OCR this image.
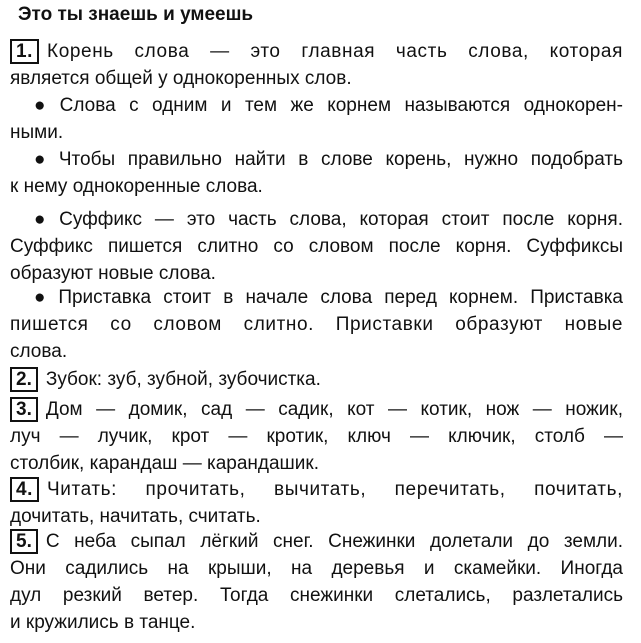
Это ты знаешь и умеешь
1. Корень слова — это главная часть слова, которая
является общей у однокоренных слов.
● Слова с одним и тем же корнем называются однокорен-
ными.
● Чтобы правильно найти в слове корень, нужно подобрать
к нему однокоренные слова.
● Суффикс — это часть слова, которая стоит после корня.
Суффикс пишется слитно со словом после корня. Суффиксы
образуют новые слова.
● Приставка стоит в начале слова перед корнем. Приставка
пишется со словом слитно. Приставки образуют новые
слова.
2. Зубок: зуб, зубной, зубочистка.
3. Дом — домик, сад — садик, кот — котик, нож — ножик,
луч — лучик, крот — кротик, ключ — ключик, столб —
столбик, карандаш — карандашик.
4. Читать: прочитать, вычитать, перечитать, почитать,
дочитать, начитать, считать.
5. С неба сыпал лёгкий снег. Снежинки долетали до земли.
Они садились на крыши, на деревья и скамейки. Иногда
дул резкий ветер. Тогда снежинки слетались, разлетались
и кружились в танце.
